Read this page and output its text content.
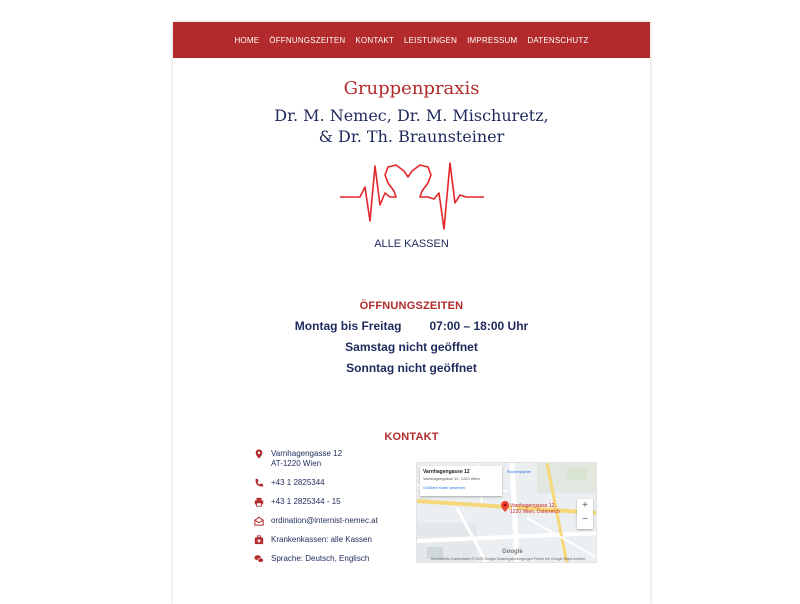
HOME	ÖFFNUNGSZEITEN	KONTAKT	LEISTUNGEN	IMPRESSUM	DATENSCHUTZ
Gruppenpraxis
Dr. M. Nemec, Dr. M. Mischuretz,
& Dr. Th. Braunsteiner
ALLE KASSEN
ÖFFNUNGSZEITEN
Montag bis Freitag 07:00 – 18:00 Uhr
Samstag nicht geöffnet
Sonntag nicht geöffnet
KONTAKT
Varnhagengasse 12
AT-1220 Wien
+43 1 2825344
+43 1 2825344 - 15
ordination@internist-nemec.at
Krankenkassen: alle Kassen
Sprache: Deutsch, Englisch
Varnhagengasse 12
Varnhagengasse 12, 1220 Wien
Größere Karte ansehen
Routenplaner
Varnhagengasse 12,
1220 Wien, Österreich
+
−
Google
Kurzbefehle Kartendaten © 2022 Google Nutzungsbedingungen Fehler bei Google Maps melden
